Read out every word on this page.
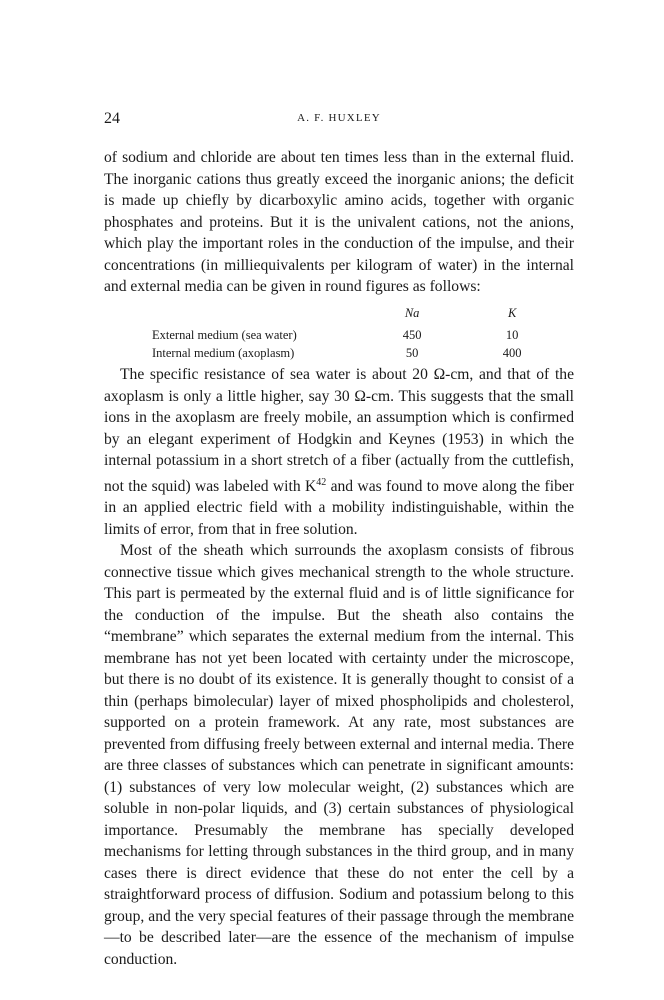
24	A. F. HUXLEY

of sodium and chloride are about ten times less than in the external fluid. The inorganic cations thus greatly exceed the inorganic anions; the deficit is made up chiefly by dicarboxylic amino acids, together with organic phosphates and proteins. But it is the univalent cations, not the anions, which play the important roles in the conduction of the impulse, and their concentrations (in milliequivalents per kilogram of water) in the internal and external media can be given in round figures as follows:

	Na	K
External medium (sea water)	450	10
Internal medium (axoplasm)	50	400

The specific resistance of sea water is about 20 Ω-cm, and that of the axoplasm is only a little higher, say 30 Ω-cm. This suggests that the small ions in the axoplasm are freely mobile, an assumption which is confirmed by an elegant experiment of Hodgkin and Keynes (1953) in which the internal potassium in a short stretch of a fiber (actually from the cuttlefish, not the squid) was labeled with $K^{42}$ and was found to move along the fiber in an applied electric field with a mobility indistinguishable, within the limits of error, from that in free solution.

Most of the sheath which surrounds the axoplasm consists of fibrous connective tissue which gives mechanical strength to the whole structure. This part is permeated by the external fluid and is of little significance for the conduction of the impulse. But the sheath also contains the “membrane” which separates the external medium from the internal. This membrane has not yet been located with certainty under the microscope, but there is no doubt of its existence. It is generally thought to consist of a thin (perhaps bimolecular) layer of mixed phospholipids and cholesterol, supported on a protein framework. At any rate, most substances are prevented from diffusing freely between external and internal media. There are three classes of substances which can penetrate in significant amounts: (1) substances of very low molecular weight, (2) substances which are soluble in non-polar liquids, and (3) certain substances of physiological importance. Presumably the membrane has specially developed mechanisms for letting through substances in the third group, and in many cases there is direct evidence that these do not enter the cell by a straightforward process of diffusion. Sodium and potassium belong to this group, and the very special features of their passage through the membrane—to be described later—are the essence of the mechanism of impulse conduction.
